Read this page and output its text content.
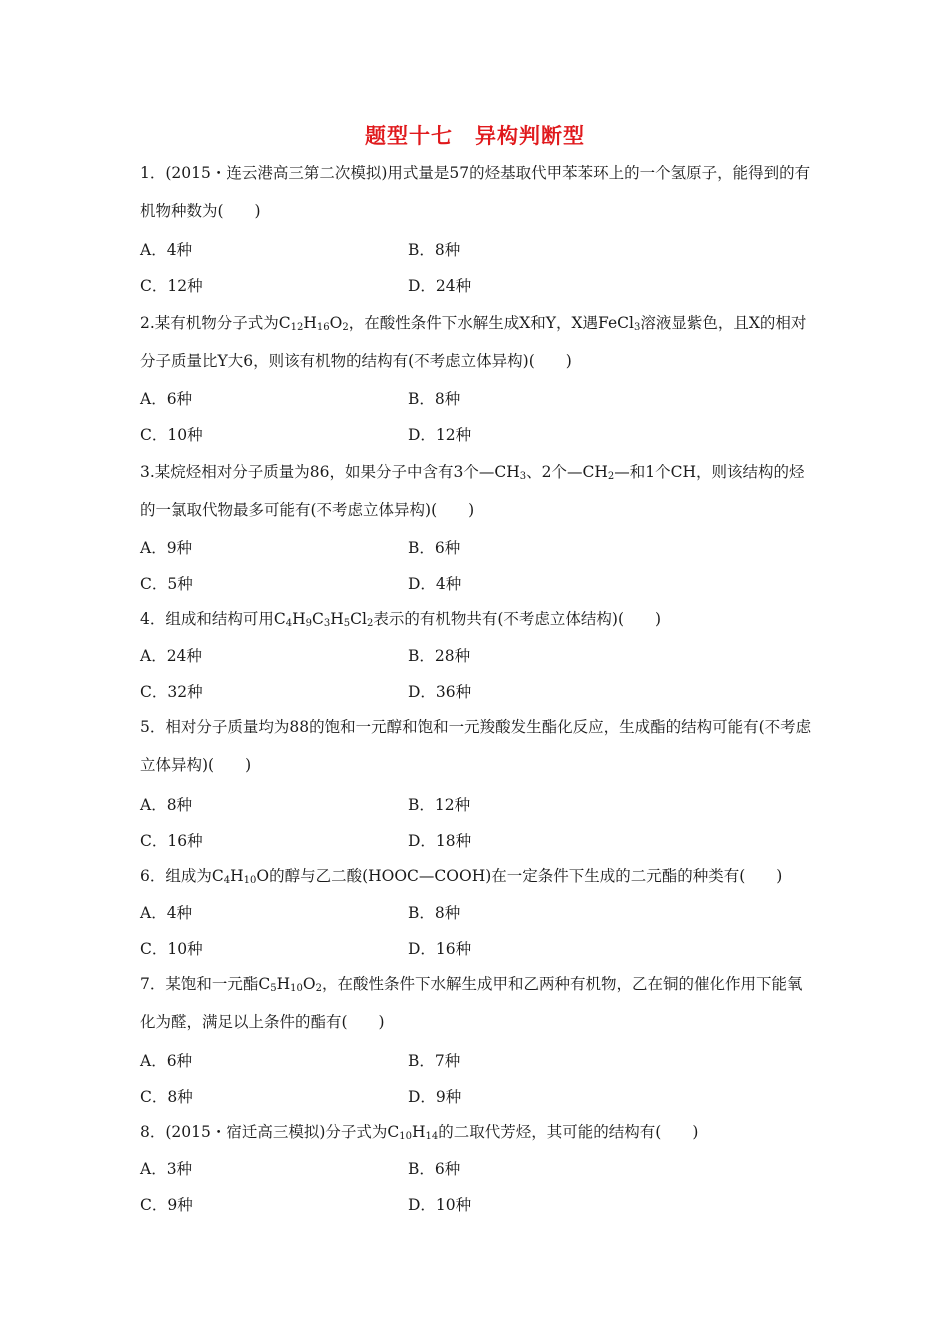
题型十七　异构判断型
1．(2015・连云港高三第二次模拟)用式量是57的烃基取代甲苯苯环上的一个氢原子，能得到的有机物种数为(　　)
A．4种	B．8种
C．12种	D．24种
2.某有机物分子式为$C_{12}H_{16}O_2$，在酸性条件下水解生成X和Y，X遇FeCl$_3$溶液显紫色，且X的相对分子质量比Y大6，则该有机物的结构有(不考虑立体异构)(　　)
A．6种	B．8种
C．10种	D．12种
3.某烷烃相对分子质量为86，如果分子中含有3个$—CH_3$、2个$—CH_2—$和1个CH，则该结构的烃的一氯取代物最多可能有(不考虑立体异构)(　　)
A．9种	B．6种
C．5种	D．4种
4．组成和结构可用$C_4H_9C_3H_5Cl_2$表示的有机物共有(不考虑立体结构)(　　)
A．24种	B．28种
C．32种	D．36种
5．相对分子质量均为88的饱和一元醇和饱和一元羧酸发生酯化反应，生成酯的结构可能有(不考虑立体异构)(　　)
A．8种	B．12种
C．16种	D．18种
6．组成为$C_4H_{10}O$的醇与乙二酸(HOOC—COOH)在一定条件下生成的二元酯的种类有(　　)
A．4种	B．8种
C．10种	D．16种
7．某饱和一元酯$C_5H_{10}O_2$，在酸性条件下水解生成甲和乙两种有机物，乙在铜的催化作用下能氧化为醛，满足以上条件的酯有(　　)
A．6种	B．7种
C．8种	D．9种
8．(2015・宿迁高三模拟)分子式为$C_{10}H_{14}$的二取代芳烃，其可能的结构有(　　)
A．3种	B．6种
C．9种	D．10种
